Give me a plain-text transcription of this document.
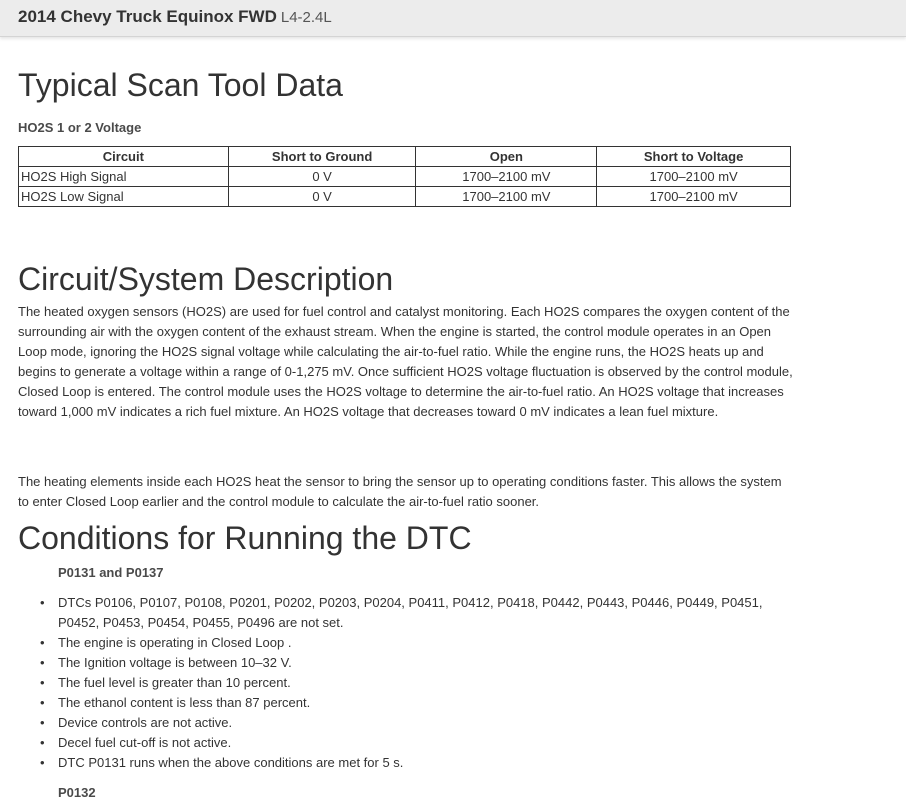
2014 Chevy Truck Equinox FWD L4-2.4L
Typical Scan Tool Data
HO2S 1 or 2 Voltage
Circuit	Short to Ground	Open	Short to Voltage
HO2S High Signal	0 V	1700–2100 mV	1700–2100 mV
HO2S Low Signal	0 V	1700–2100 mV	1700–2100 mV
Circuit/System Description

The heated oxygen sensors (HO2S) are used for fuel control and catalyst monitoring. Each HO2S compares the oxygen content of the surrounding air with the oxygen content of the exhaust stream. When the engine is started, the control module operates in an Open Loop mode, ignoring the HO2S signal voltage while calculating the air-to-fuel ratio. While the engine runs, the HO2S heats up and begins to generate a voltage within a range of 0-1,275 mV. Once sufficient HO2S voltage fluctuation is observed by the control module, Closed Loop is entered. The control module uses the HO2S voltage to determine the air-to-fuel ratio. An HO2S voltage that increases toward 1,000 mV indicates a rich fuel mixture. An HO2S voltage that decreases toward 0 mV indicates a lean fuel mixture.

The heating elements inside each HO2S heat the sensor to bring the sensor up to operating conditions faster. This allows the system to enter Closed Loop earlier and the control module to calculate the air-to-fuel ratio sooner.

Conditions for Running the DTC
P0131 and P0137
• DTCs P0106, P0107, P0108, P0201, P0202, P0203, P0204, P0411, P0412, P0418, P0442, P0443, P0446, P0449, P0451, P0452, P0453, P0454, P0455, P0496 are not set.
• The engine is operating in Closed Loop .
• The Ignition voltage is between 10–32 V.
• The fuel level is greater than 10 percent.
• The ethanol content is less than 87 percent.
• Device controls are not active.
• Decel fuel cut-off is not active.
• DTC P0131 runs when the above conditions are met for 5 s.
P0132
